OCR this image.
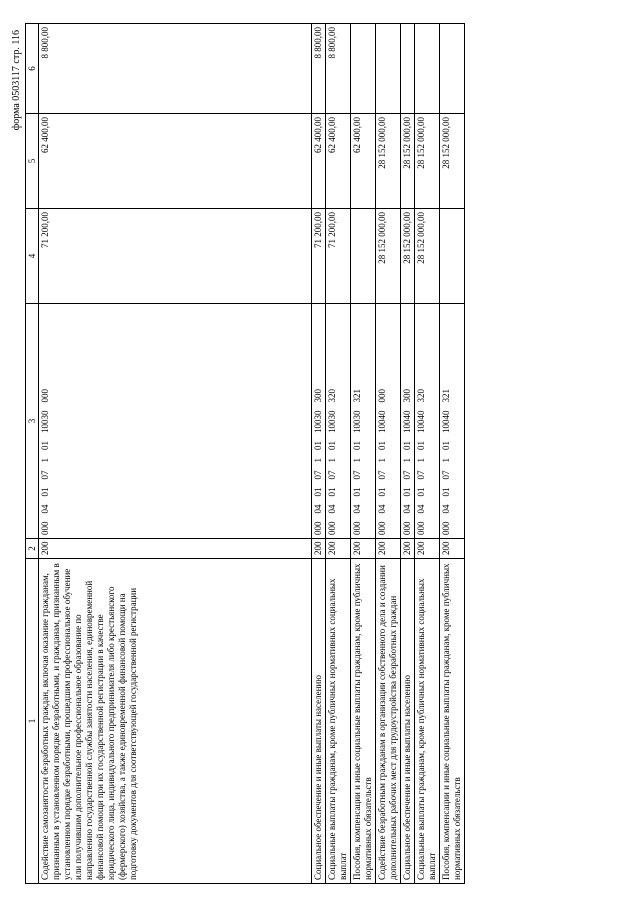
форма 0503117 стр. 116
1	2	3	4	5	6
Содействие самозанятости безработных граждан, включая оказание гражданам, признанным в установленном порядке безработными, и гражданам, признанным в установленном порядке безработными, прошедшим профессиональное обучение или получившим дополнительное профессиональное образование по направлению государственной службы занятости населения, единовременной финансовой помощи при их государственной регистрации в качестве юридического лица, индивидуального предпринимателя либо крестьянского (фермерского) хозяйства, а также единовременной финансовой помощи на подготовку документов для соответствующей государственной регистрации	200	00004010710110030000	71 200,00	62 400,00	8 800,00
Социальное обеспечение и иные выплаты населению	200	00004010710110030300	71 200,00	62 400,00	8 800,00
Социальные выплаты гражданам, кроме публичных нормативных социальных выплат	200	00004010710110030320	71 200,00	62 400,00	8 800,00
Пособия, компенсации и иные социальные выплаты гражданам, кроме публичных нормативных обязательств	200	00004010710110030321		62 400,00	
Содействие безработным гражданам в организации собственного дела и создании дополнительных рабочих мест для трудоустройства безработных граждан	200	00004010710110040000	28 152 000,00	28 152 000,00	
Социальное обеспечение и иные выплаты населению	200	00004010710110040300	28 152 000,00	28 152 000,00	
Социальные выплаты гражданам, кроме публичных нормативных социальных выплат	200	00004010710110040320	28 152 000,00	28 152 000,00	
Пособия, компенсации и иные социальные выплаты гражданам, кроме публичных нормативных обязательств	200	00004010710110040321		28 152 000,00	
